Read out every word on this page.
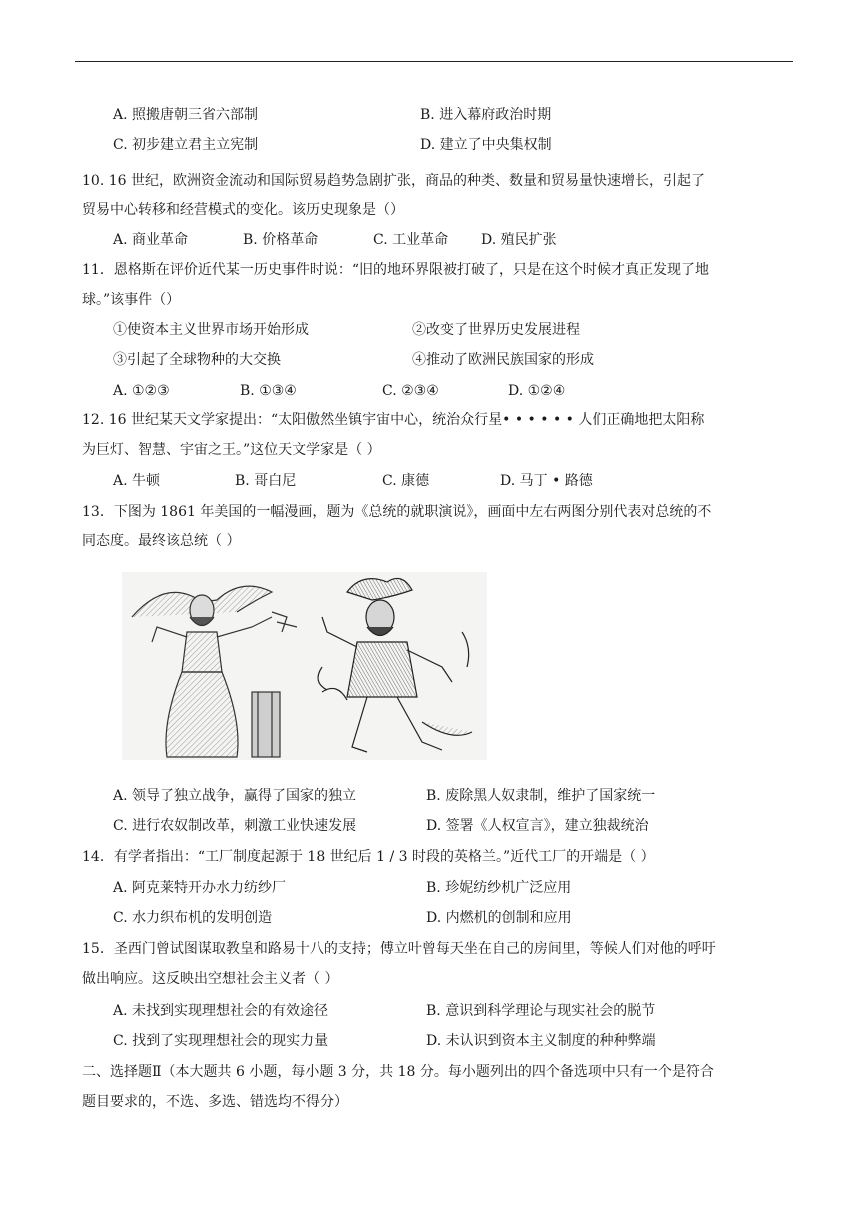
A. 照搬唐朝三省六部制	B. 进入幕府政治时期
C. 初步建立君主立宪制	D. 建立了中央集权制
10. 16 世纪，欧洲资金流动和国际贸易趋势急剧扩张，商品的种类、数量和贸易量快速增长，引起了
贸易中心转移和经营模式的变化。该历史现象是（）
A. 商业革命	B. 价格革命	C. 工业革命 D. 殖民扩张
11．恩格斯在评价近代某一历史事件时说：“旧的地环界限被打破了，只是在这个时候才真正发现了地
球。”该事件（）
①使资本主义世界市场开始形成	②改变了世界历史发展进程
③引起了全球物种的大交换	④推动了欧洲民族国家的形成
A. ①②③	B. ①③④	C. ②③④	D. ①②④
12. 16 世纪某天文学家提出：“太阳傲然坐镇宇宙中心，统治众行星• • • • • • 人们正确地把太阳称
为巨灯、智慧、宇宙之王。”这位天文学家是（ ）
A. 牛顿	B. 哥白尼	C. 康德	D. 马丁 • 路德
13．下图为 1861 年美国的一幅漫画，题为《总统的就职演说》，画面中左右两图分别代表对总统的不
同态度。最终该总统（ ）
A. 领导了独立战争，赢得了国家的独立	B. 废除黑人奴隶制，维护了国家统一
C. 进行农奴制改革，刺激工业快速发展	D. 签署《人权宣言》，建立独裁统治
14．有学者指出：“工厂制度起源于 18 世纪后 1 / 3 时段的英格兰。”近代工厂的开端是（ ）
A. 阿克莱特开办水力纺纱厂	B. 珍妮纺纱机广泛应用
C. 水力织布机的发明创造	D. 内燃机的创制和应用
15．圣西门曾试图谋取教皇和路易十八的支持；傅立叶曾每天坐在自己的房间里，等候人们对他的呼吁
做出响应。这反映出空想社会主义者（ ）
A. 未找到实现理想社会的有效途径	B. 意识到科学理论与现实社会的脱节
C. 找到了实现理想社会的现实力量	D. 未认识到资本主义制度的种种弊端
二、选择题Ⅱ（本大题共 6 小题，每小题 3 分，共 18 分。每小题列出的四个备选项中只有一个是符合
题目要求的，不选、多选、错选均不得分）
